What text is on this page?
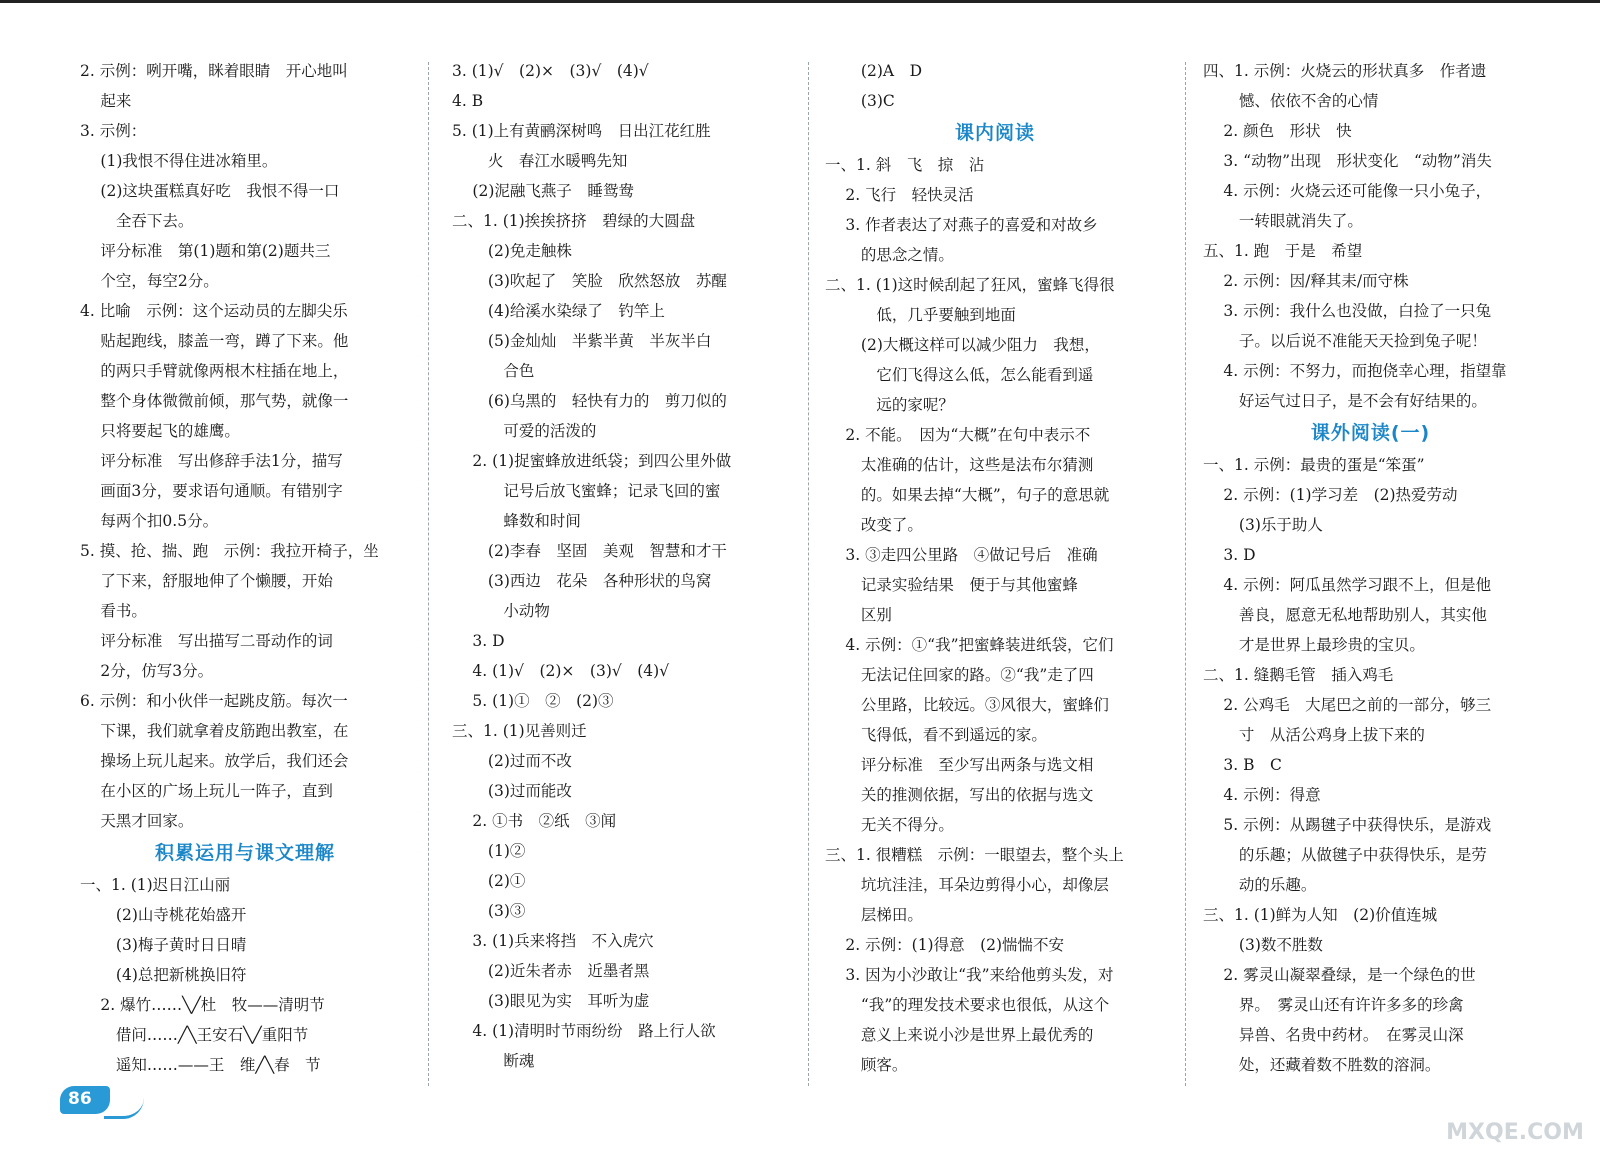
2. 示例：咧开嘴，眯着眼睛　开心地叫
　 起来
3. 示例：
　 (1)我恨不得住进冰箱里。
　 (2)这块蛋糕真好吃　我恨不得一口
　　 全吞下去。
　 评分标准　第(1)题和第(2)题共三
　 个空，每空2分。
4. 比喻　示例：这个运动员的左脚尖乐
　 贴起跑线，膝盖一弯，蹲了下来。他
　 的两只手臂就像两根木柱插在地上，
　 整个身体微微前倾，那气势，就像一
　 只将要起飞的雄鹰。
　 评分标准　写出修辞手法1分，描写
　 画面3分，要求语句通顺。有错别字
　 每两个扣0.5分。
5. 摸、抢、揣、跑　示例：我拉开椅子，坐
　 了下来，舒服地伸了个懒腰，开始
　 看书。
　 评分标准　写出描写二哥动作的词
　 2分，仿写3分。
6. 示例：和小伙伴一起跳皮筋。每次一
　 下课，我们就拿着皮筋跑出教室，在
　 操场上玩儿起来。放学后，我们还会
　 在小区的广场上玩儿一阵子，直到
　 天黑才回家。
积累运用与课文理解
一、1. (1)迟日江山丽
　　 (2)山寺桃花始盛开
　　 (3)梅子黄时日日晴
　　 (4)总把新桃换旧符
　 2. 爆竹……╲╱杜　牧——清明节
　　 借问……╱╲王安石╲╱重阳节
　　 遥知……——王　维╱╲春　节
3. (1)√　(2)×　(3)√　(4)√
4. B
5. (1)上有黄鹂深树鸣　日出江花红胜
　　 火　春江水暖鸭先知
　 (2)泥融飞燕子　睡鸳鸯
二、1. (1)挨挨挤挤　碧绿的大圆盘
　　 (2)免走触株
　　 (3)吹起了　笑脸　欣然怒放　苏醒
　　 (4)给溪水染绿了　钓竿上
　　 (5)金灿灿　半紫半黄　半灰半白
　　　 合色
　　 (6)乌黑的　轻快有力的　剪刀似的
　　　 可爱的活泼的
　 2. (1)捉蜜蜂放进纸袋；到四公里外做
　　　 记号后放飞蜜蜂；记录飞回的蜜
　　　 蜂数和时间
　　 (2)李春　坚固　美观　智慧和才干
　　 (3)西边　花朵　各种形状的鸟窝
　　　 小动物
　 3. D
　 4. (1)√　(2)×　(3)√　(4)√
　 5. (1)①　②　(2)③
三、1. (1)见善则迁
　　 (2)过而不改
　　 (3)过而能改
　 2. ①书　②纸　③闻
　　 (1)②
　　 (2)①
　　 (3)③
　 3. (1)兵来将挡　不入虎穴
　　 (2)近朱者赤　近墨者黑
　　 (3)眼见为实　耳听为虚
　 4. (1)清明时节雨纷纷　路上行人欲
　　　 断魂
　　 (2)A　D
　　 (3)C
课内阅读
一、1. 斜　飞　掠　沾
　 2. 飞行　轻快灵活
　 3. 作者表达了对燕子的喜爱和对故乡
　　 的思念之情。
二、1. (1)这时候刮起了狂风，蜜蜂飞得很
　　　 低，几乎要触到地面
　　 (2)大概这样可以减少阻力　我想，
　　　 它们飞得这么低，怎么能看到遥
　　　 远的家呢？
　 2. 不能。　因为“大概”在句中表示不
　　 太准确的估计，这些是法布尔猜测
　　 的。如果去掉“大概”，句子的意思就
　　 改变了。
　 3. ③走四公里路　④做记号后　准确
　　 记录实验结果　便于与其他蜜蜂
　　 区别
　 4. 示例：①“我”把蜜蜂装进纸袋，它们
　　 无法记住回家的路。②“我”走了四
　　 公里路，比较远。③风很大，蜜蜂们
　　 飞得低，看不到遥远的家。
　　 评分标准　至少写出两条与选文相
　　 关的推测依据，写出的依据与选文
　　 无关不得分。
三、1. 很糟糕　示例：一眼望去，整个头上
　　 坑坑洼洼，耳朵边剪得小心，却像层
　　 层梯田。
　 2. 示例：(1)得意　(2)惴惴不安
　 3. 因为小沙敢让“我”来给他剪头发，对
　　 “我”的理发技术要求也很低，从这个
　　 意义上来说小沙是世界上最优秀的
　　 顾客。
四、1. 示例：火烧云的形状真多　作者遗
　　 憾、依依不舍的心情
　 2. 颜色　形状　快
　 3. “动物”出现　形状变化　“动物”消失
　 4. 示例：火烧云还可能像一只小兔子，
　　 一转眼就消失了。
五、1. 跑　于是　希望
　 2. 示例：因/释其耒/而守株
　 3. 示例：我什么也没做，白捡了一只兔
　　 子。以后说不准能天天捡到兔子呢！
　 4. 示例：不努力，而抱侥幸心理，指望靠
　　 好运气过日子，是不会有好结果的。
课外阅读(一)
一、1. 示例：最贵的蛋是“笨蛋”
　 2. 示例：(1)学习差　(2)热爱劳动
　　 (3)乐于助人
　 3. D
　 4. 示例：阿瓜虽然学习跟不上，但是他
　　 善良，愿意无私地帮助别人，其实他
　　 才是世界上最珍贵的宝贝。
二、1. 缝鹅毛管　插入鸡毛
　 2. 公鸡毛　大尾巴之前的一部分，够三
　　 寸　从活公鸡身上拔下来的
　 3. B　C
　 4. 示例：得意
　 5. 示例：从踢毽子中获得快乐，是游戏
　　 的乐趣；从做毽子中获得快乐，是劳
　　 动的乐趣。
三、1. (1)鲜为人知　(2)价值连城
　　 (3)数不胜数
　 2. 雾灵山凝翠叠绿，是一个绿色的世
　　 界。　雾灵山还有许许多多的珍禽
　　 异兽、名贵中药材。　在雾灵山深
　　 处，还藏着数不胜数的溶洞。
86
MXQE.COM
